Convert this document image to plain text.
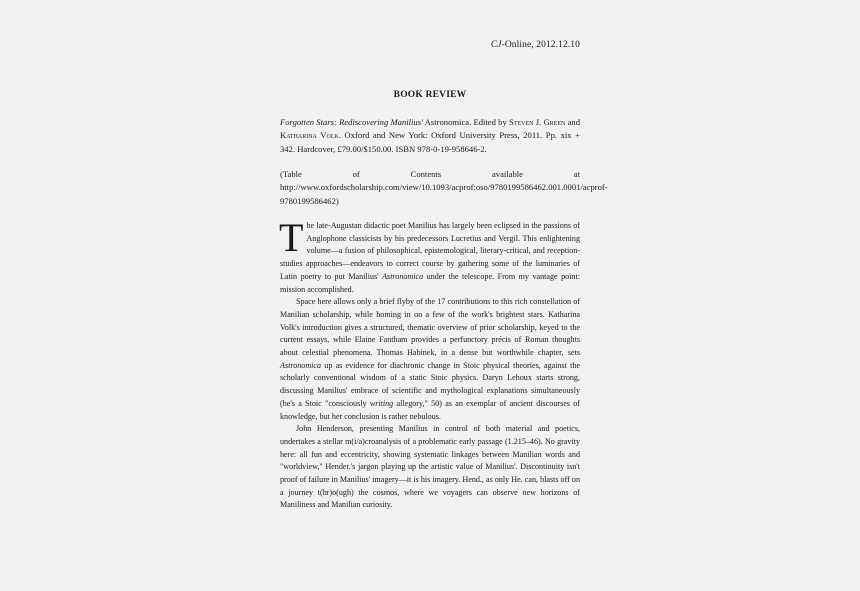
CJ-Online, 2012.12.10
BOOK REVIEW
Forgotten Stars: Rediscovering Manilius' Astronomica. Edited by Steven J. Green and Katharina Volk. Oxford and New York: Oxford University Press, 2011. Pp. xix + 342. Hardcover, £79.00/$150.00. ISBN 978-0-19-958646-2.
(Table of Contents available at http://www.oxfordscholarship.com/view/10.1093/acprof:oso/9780199586462.001.0001/acprof-9780199586462)

The late-Augustan didactic poet Manilius has largely been eclipsed in the passions of Anglophone classicists by his predecessors Lucretius and Vergil. This enlightening volume—a fusion of philosophical, epistemological, literary-critical, and reception-studies approaches—endeavors to correct course by gathering some of the luminaries of Latin poetry to put Manilius' Astronomica under the telescope. From my vantage point: mission accomplished.

Space here allows only a brief flyby of the 17 contributions to this rich constellation of Manilian scholarship, while homing in on a few of the work's brightest stars. Katharina Volk's introduction gives a structured, thematic overview of prior scholarship, keyed to the current essays, while Elaine Fantham provides a perfunctory précis of Roman thoughts about celestial phenomena. Thomas Habinek, in a dense but worthwhile chapter, sets Astronomica up as evidence for diachronic change in Stoic physical theories, against the scholarly conventional wisdom of a static Stoic physics. Daryn Lehoux starts strong, discussing Manilius' embrace of scientific and mythological explanations simultaneously (he's a Stoic "consciously writing allegory," 50) as an exemplar of ancient discourses of knowledge, but her conclusion is rather nebulous.

John Henderson, presenting Manilius in control of both material and poetics, undertakes a stellar m(i/a)croanalysis of a problematic early passage (1.215–46). No gravity here: all fun and eccentricity, showing systematic linkages between Manilian words and "worldview," Hender.'s jargon playing up the artistic value of Manilius'. Discontinuity isn't proof of failure in Manilius' imagery—it is his imagery. Hend., as only He. can, blasts off on a journey t(hr)o(ugh) the cosmos, where we voyagers can observe new horizons of Maniliness and Manilian curiosity.
